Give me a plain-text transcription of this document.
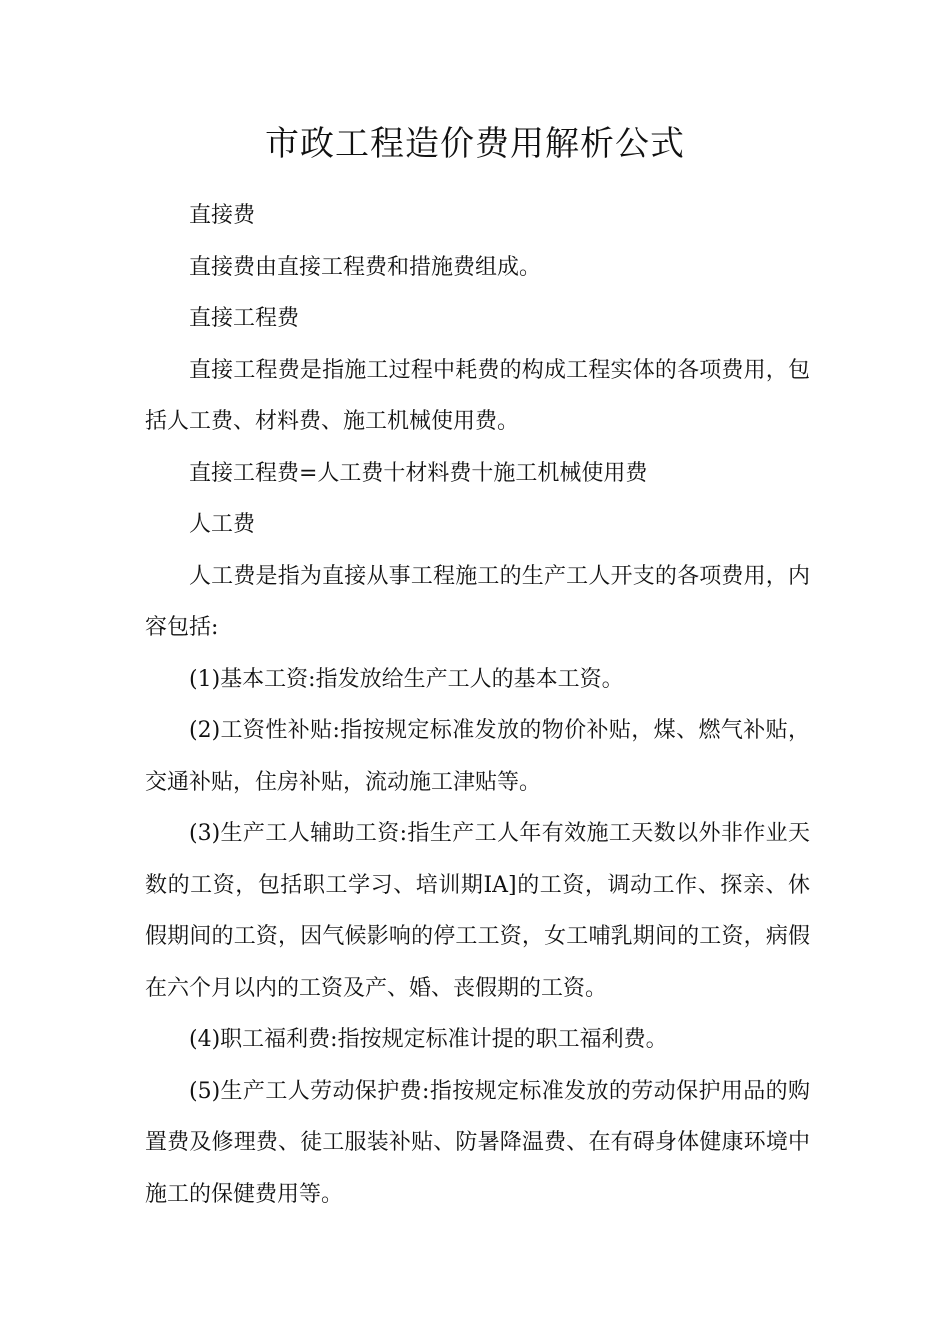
市政工程造价费用解析公式

直接费

直接费由直接工程费和措施费组成。

直接工程费

直接工程费是指施工过程中耗费的构成工程实体的各项费用，包括人工费、材料费、施工机械使用费。

直接工程费=人工费十材料费十施工机械使用费

人工费

人工费是指为直接从事工程施工的生产工人开支的各项费用，内容包括:

(1)基本工资:指发放给生产工人的基本工资。

(2)工资性补贴:指按规定标准发放的物价补贴，煤、燃气补贴，交通补贴，住房补贴，流动施工津贴等。

(3)生产工人辅助工资:指生产工人年有效施工天数以外非作业天数的工资，包括职工学习、培训期IA]的工资，调动工作、探亲、休假期间的工资，因气候影响的停工工资，女工哺乳期间的工资，病假在六个月以内的工资及产、婚、丧假期的工资。

(4)职工福利费:指按规定标准计提的职工福利费。

(5)生产工人劳动保护费:指按规定标准发放的劳动保护用品的购置费及修理费、徒工服装补贴、防暑降温费、在有碍身体健康环境中施工的保健费用等。
